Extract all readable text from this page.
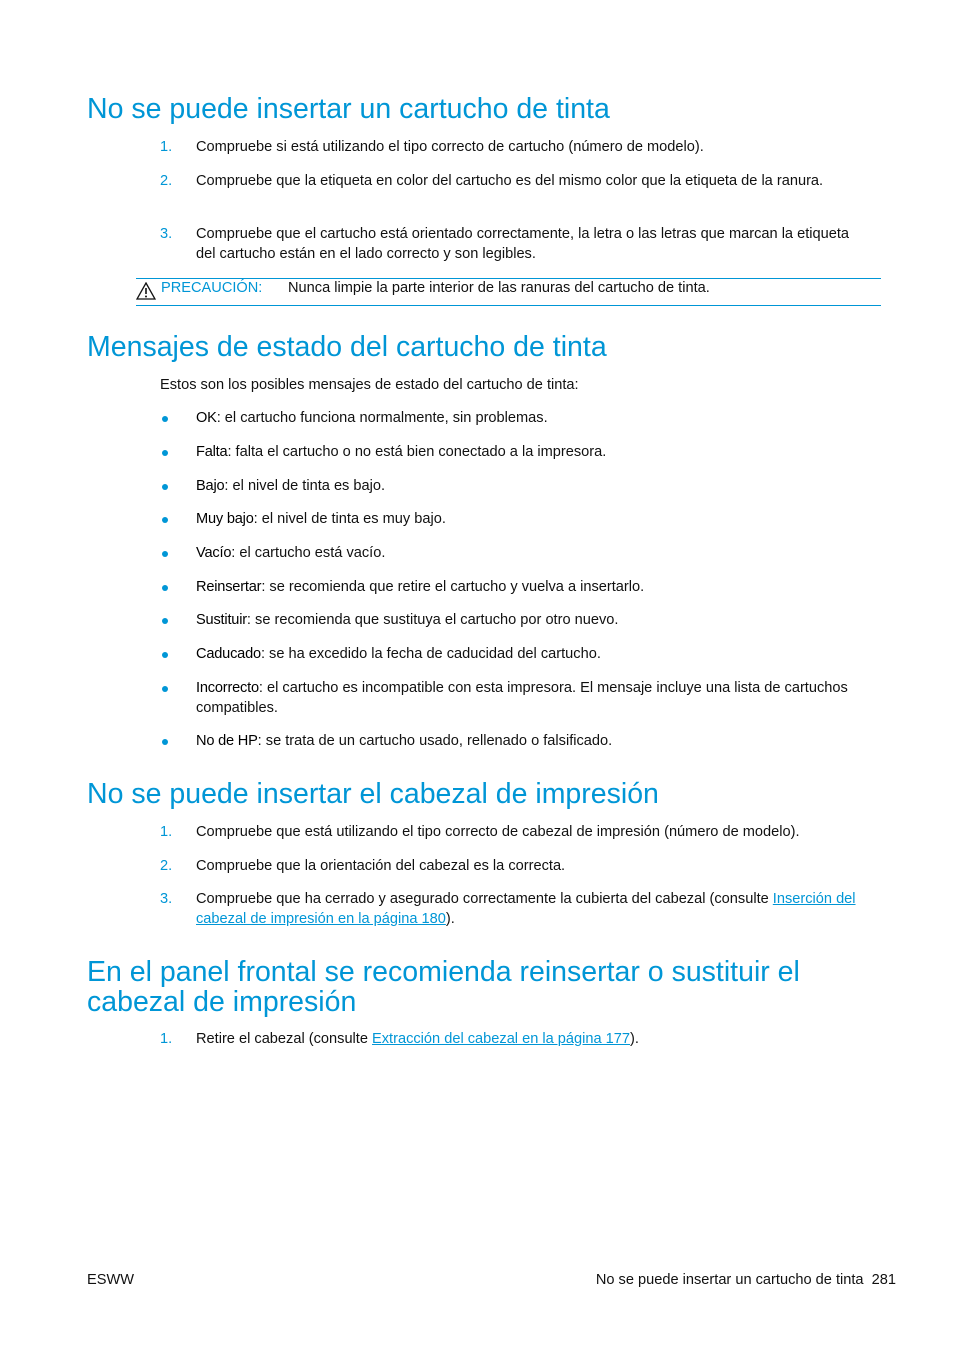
No se puede insertar un cartucho de tinta
1. Compruebe si está utilizando el tipo correcto de cartucho (número de modelo).
2. Compruebe que la etiqueta en color del cartucho es del mismo color que la etiqueta de la ranura.
3. Compruebe que el cartucho está orientado correctamente, la letra o las letras que marcan la etiqueta del cartucho están en el lado correcto y son legibles.
PRECAUCIÓN: Nunca limpie la parte interior de las ranuras del cartucho de tinta.
Mensajes de estado del cartucho de tinta
Estos son los posibles mensajes de estado del cartucho de tinta:
OK: el cartucho funciona normalmente, sin problemas.
Falta: falta el cartucho o no está bien conectado a la impresora.
Bajo: el nivel de tinta es bajo.
Muy bajo: el nivel de tinta es muy bajo.
Vacío: el cartucho está vacío.
Reinsertar: se recomienda que retire el cartucho y vuelva a insertarlo.
Sustituir: se recomienda que sustituya el cartucho por otro nuevo.
Caducado: se ha excedido la fecha de caducidad del cartucho.
Incorrecto: el cartucho es incompatible con esta impresora. El mensaje incluye una lista de cartuchos compatibles.
No de HP: se trata de un cartucho usado, rellenado o falsificado.
No se puede insertar el cabezal de impresión
1. Compruebe que está utilizando el tipo correcto de cabezal de impresión (número de modelo).
2. Compruebe que la orientación del cabezal es la correcta.
3. Compruebe que ha cerrado y asegurado correctamente la cubierta del cabezal (consulte Inserción del cabezal de impresión en la página 180).
En el panel frontal se recomienda reinsertar o sustituir el cabezal de impresión
1. Retire el cabezal (consulte Extracción del cabezal en la página 177).
ESWW	No se puede insertar un cartucho de tinta 281
